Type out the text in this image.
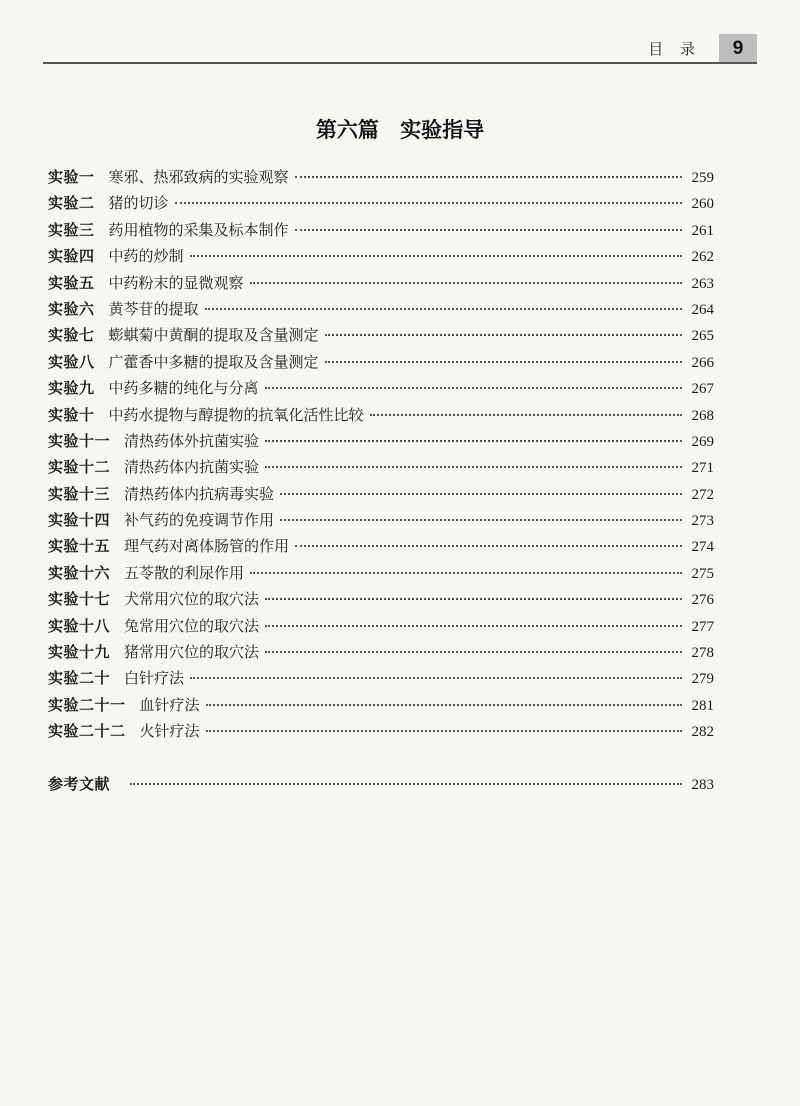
目 录	9
第六篇 实验指导
实验一 寒邪、热邪致病的实验观察	259
实验二 猪的切诊	260
实验三 药用植物的采集及标本制作	261
实验四 中药的炒制	262
实验五 中药粉末的显微观察	263
实验六 黄芩苷的提取	264
实验七 蟛蜞菊中黄酮的提取及含量测定	265
实验八 广藿香中多糖的提取及含量测定	266
实验九 中药多糖的纯化与分离	267
实验十 中药水提物与醇提物的抗氧化活性比较	268
实验十一 清热药体外抗菌实验	269
实验十二 清热药体内抗菌实验	271
实验十三 清热药体内抗病毒实验	272
实验十四 补气药的免疫调节作用	273
实验十五 理气药对离体肠管的作用	274
实验十六 五苓散的利尿作用	275
实验十七 犬常用穴位的取穴法	276
实验十八 兔常用穴位的取穴法	277
实验十九 猪常用穴位的取穴法	278
实验二十 白针疗法	279
实验二十一 血针疗法	281
实验二十二 火针疗法	282
参考文献	283
